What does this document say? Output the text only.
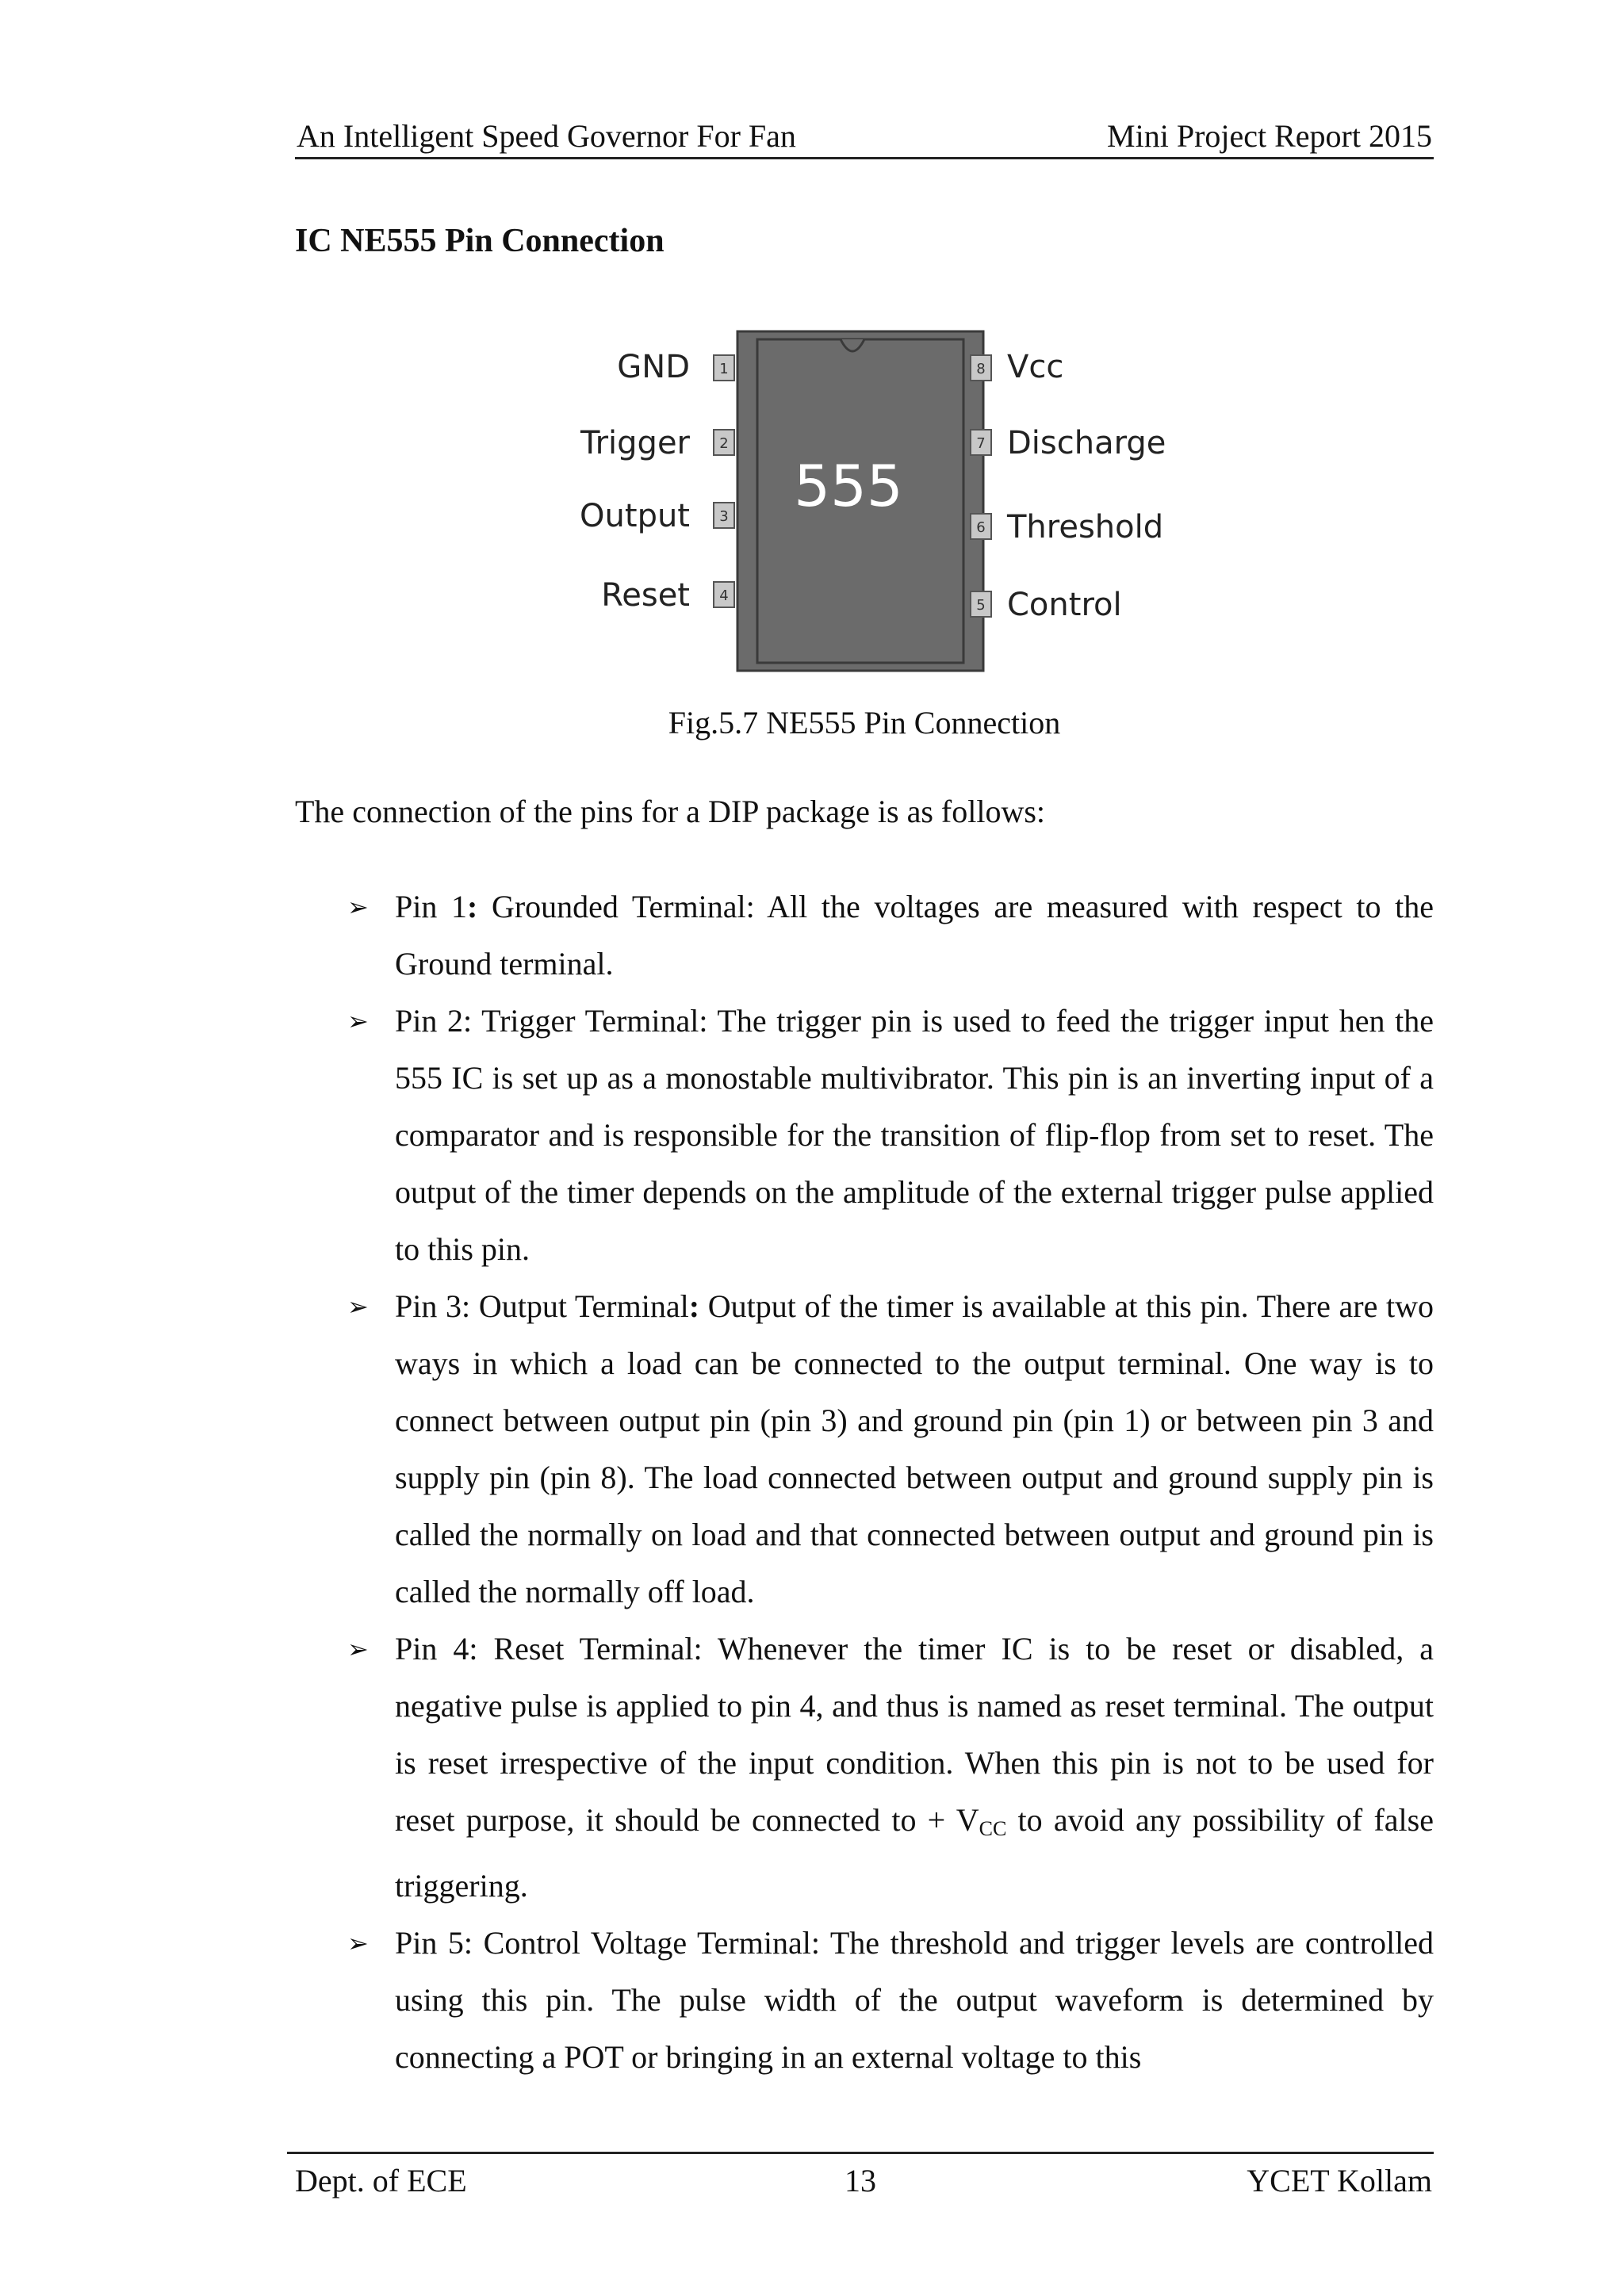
An Intelligent Speed Governor For Fan	Mini Project Report 2015
IC NE555 Pin Connection
555
1
GND
2
Trigger
3
Output
4
Reset
8 Vcc
7 Discharge
6 Threshold
5 Control
Fig.5.7 NE555 Pin Connection
The connection of the pins for a DIP package is as follows:
➢ Pin 1: Grounded Terminal: All the voltages are measured with respect to the Ground terminal.
➢ Pin 2: Trigger Terminal: The trigger pin is used to feed the trigger input hen the 555 IC is set up as a monostable multivibrator. This pin is an inverting input of a comparator and is responsible for the transition of flip-flop from set to reset. The output of the timer depends on the amplitude of the external trigger pulse applied to this pin.
➢ Pin 3: Output Terminal: Output of the timer is available at this pin. There are two ways in which a load can be connected to the output terminal. One way is to connect between output pin (pin 3) and ground pin (pin 1) or between pin 3 and supply pin (pin 8). The load connected between output and ground supply pin is called the normally on load and that connected between output and ground pin is called the normally off load.
➢ Pin 4: Reset Terminal: Whenever the timer IC is to be reset or disabled, a negative pulse is applied to pin 4, and thus is named as reset terminal. The output is reset irrespective of the input condition. When this pin is not to be used for reset purpose, it should be connected to + $V_{CC}$ to avoid any possibility of false triggering.
➢ Pin 5: Control Voltage Terminal: The threshold and trigger levels are controlled using this pin. The pulse width of the output waveform is determined by connecting a POT or bringing in an external voltage to this
Dept. of ECE	13	YCET Kollam
